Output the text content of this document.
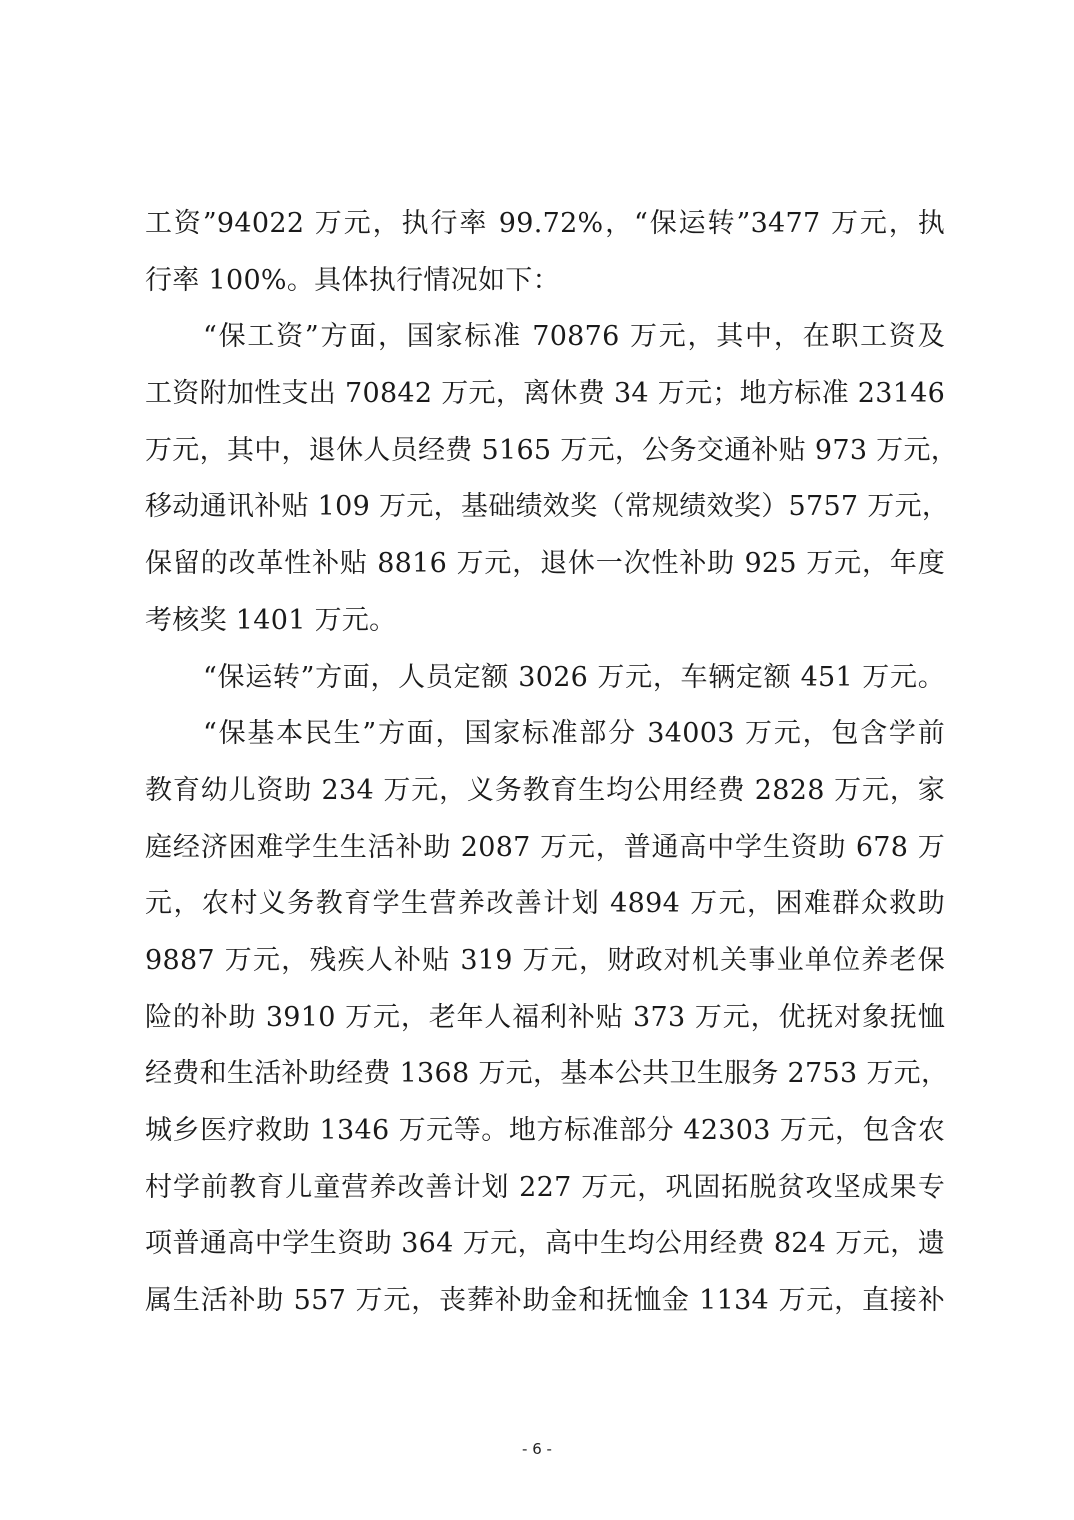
工资”94022 万元，执行率 99.72%，“保运转”3477 万元，执
行率 100%。具体执行情况如下：
“保工资”方面，国家标准 70876 万元，其中，在职工资及
工资附加性支出 70842 万元，离休费 34 万元；地方标准 23146
万元，其中，退休人员经费 5165 万元，公务交通补贴 973 万元，
移动通讯补贴 109 万元，基础绩效奖（常规绩效奖）5757 万元，
保留的改革性补贴 8816 万元，退休一次性补助 925 万元，年度
考核奖 1401 万元。
“保运转”方面，人员定额 3026 万元，车辆定额 451 万元。
“保基本民生”方面，国家标准部分 34003 万元，包含学前
教育幼儿资助 234 万元，义务教育生均公用经费 2828 万元，家
庭经济困难学生生活补助 2087 万元，普通高中学生资助 678 万
元，农村义务教育学生营养改善计划 4894 万元，困难群众救助
9887 万元，残疾人补贴 319 万元，财政对机关事业单位养老保
险的补助 3910 万元，老年人福利补贴 373 万元，优抚对象抚恤
经费和生活补助经费 1368 万元，基本公共卫生服务 2753 万元，
城乡医疗救助 1346 万元等。地方标准部分 42303 万元，包含农
村学前教育儿童营养改善计划 227 万元，巩固拓脱贫攻坚成果专
项普通高中学生资助 364 万元，高中生均公用经费 824 万元，遗
属生活补助 557 万元，丧葬补助金和抚恤金 1134 万元，直接补
- 6 -
